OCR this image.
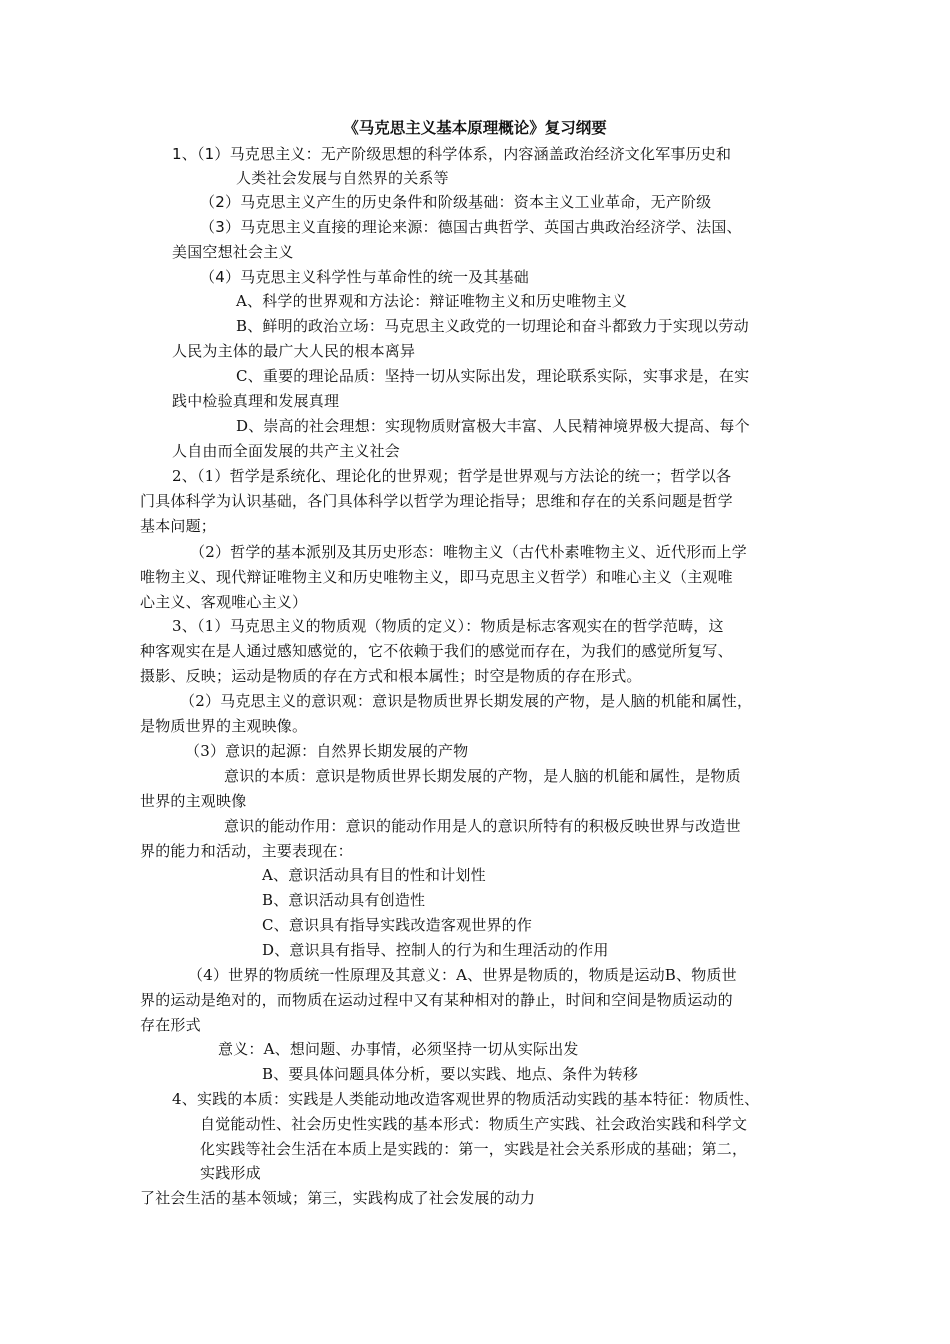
《马克思主义基本原理概论》复习纲要
1、（1）马克思主义：无产阶级思想的科学体系，内容涵盖政治经济文化军事历史和
人类社会发展与自然界的关系等
（2）马克思主义产生的历史条件和阶级基础：资本主义工业革命，无产阶级
（3）马克思主义直接的理论来源：德国古典哲学、英国古典政治经济学、法国、
美国空想社会主义
（4）马克思主义科学性与革命性的统一及其基础
A、科学的世界观和方法论：辩证唯物主义和历史唯物主义
B、鲜明的政治立场：马克思主义政党的一切理论和奋斗都致力于实现以劳动
人民为主体的最广大人民的根本离异
C、重要的理论品质：坚持一切从实际出发，理论联系实际，实事求是，在实
践中检验真理和发展真理
D、崇高的社会理想：实现物质财富极大丰富、人民精神境界极大提高、每个
人自由而全面发展的共产主义社会
2、（1）哲学是系统化、理论化的世界观；哲学是世界观与方法论的统一；哲学以各
门具体科学为认识基础，各门具体科学以哲学为理论指导；思维和存在的关系问题是哲学
基本问题；
（2）哲学的基本派别及其历史形态：唯物主义（古代朴素唯物主义、近代形而上学
唯物主义、现代辩证唯物主义和历史唯物主义，即马克思主义哲学）和唯心主义（主观唯
心主义、客观唯心主义）
3、（1）马克思主义的物质观（物质的定义）：物质是标志客观实在的哲学范畴，这
种客观实在是人通过感知感觉的，它不依赖于我们的感觉而存在，为我们的感觉所复写、
摄影、反映；运动是物质的存在方式和根本属性；时空是物质的存在形式。
（2）马克思主义的意识观：意识是物质世界长期发展的产物，是人脑的机能和属性，
是物质世界的主观映像。
（3）意识的起源：自然界长期发展的产物
意识的本质：意识是物质世界长期发展的产物，是人脑的机能和属性，是物质
世界的主观映像
意识的能动作用：意识的能动作用是人的意识所特有的积极反映世界与改造世
界的能力和活动，主要表现在：
A、意识活动具有目的性和计划性
B、意识活动具有创造性
C、意识具有指导实践改造客观世界的作
D、意识具有指导、控制人的行为和生理活动的作用
（4）世界的物质统一性原理及其意义：A、世界是物质的，物质是运动B、物质世
界的运动是绝对的，而物质在运动过程中又有某种相对的静止，时间和空间是物质运动的
存在形式
意义：A、想问题、办事情，必须坚持一切从实际出发
B、要具体问题具体分析，要以实践、地点、条件为转移
4、实践的本质：实践是人类能动地改造客观世界的物质活动实践的基本特征：物质性、
自觉能动性、社会历史性实践的基本形式：物质生产实践、社会政治实践和科学文
化实践等社会生活在本质上是实践的：第一，实践是社会关系形成的基础；第二，
实践形成
了社会生活的基本领域；第三，实践构成了社会发展的动力
